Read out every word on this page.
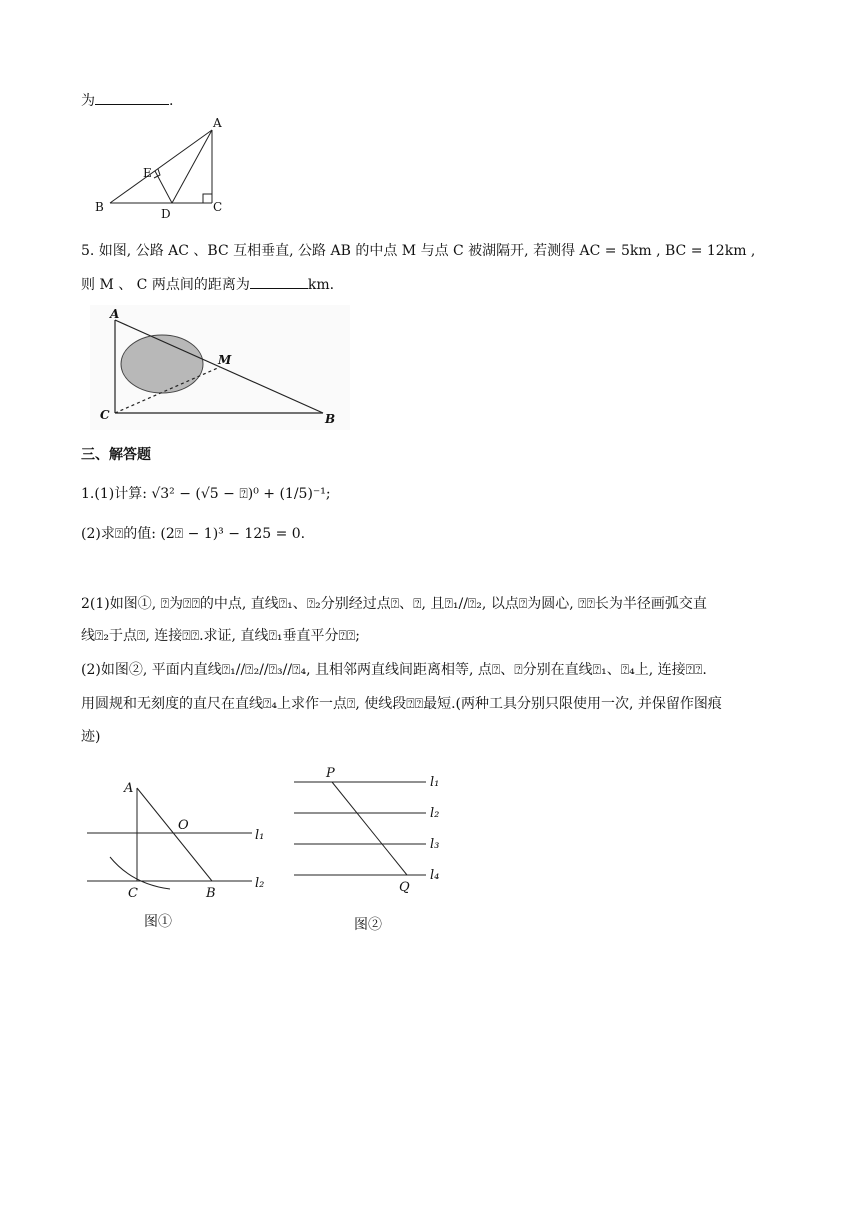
为	.
A
B	C
D
E
5. 如图, 公路 AC 、BC 互相垂直, 公路 AB 的中点 M 与点 C 被湖隔开, 若测得 AC = 5km , BC = 12km ,
则 M 、 C 两点间的距离为	km.
A
C	B
M
三、解答题
1.(1)计算: √3² − (√5 − ⍰)⁰ + (1/5)⁻¹;
(2)求⍰的值: (2⍰ − 1)³ − 125 = 0.
2(1)如图①, ⍰为⍰⍰的中点, 直线⍰₁、⍰₂分别经过点⍰、⍰, 且⍰₁//⍰₂, 以点⍰为圆心, ⍰⍰长为半径画弧交直
线⍰₂于点⍰, 连接⍰⍰.求证, 直线⍰₁垂直平分⍰⍰;
(2)如图②, 平面内直线⍰₁//⍰₂//⍰₃//⍰₄, 且相邻两直线间距离相等, 点⍰、⍰分别在直线⍰₁、⍰₄上, 连接⍰⍰.
用圆规和无刻度的直尺在直线⍰₄上求作一点⍰, 使线段⍰⍰最短.(两种工具分别只限使用一次, 并保留作图痕
迹)
A
O
C	B
l₁
l₂
图①
P
Q
l₁
l₂
l₃
l₄
图②
